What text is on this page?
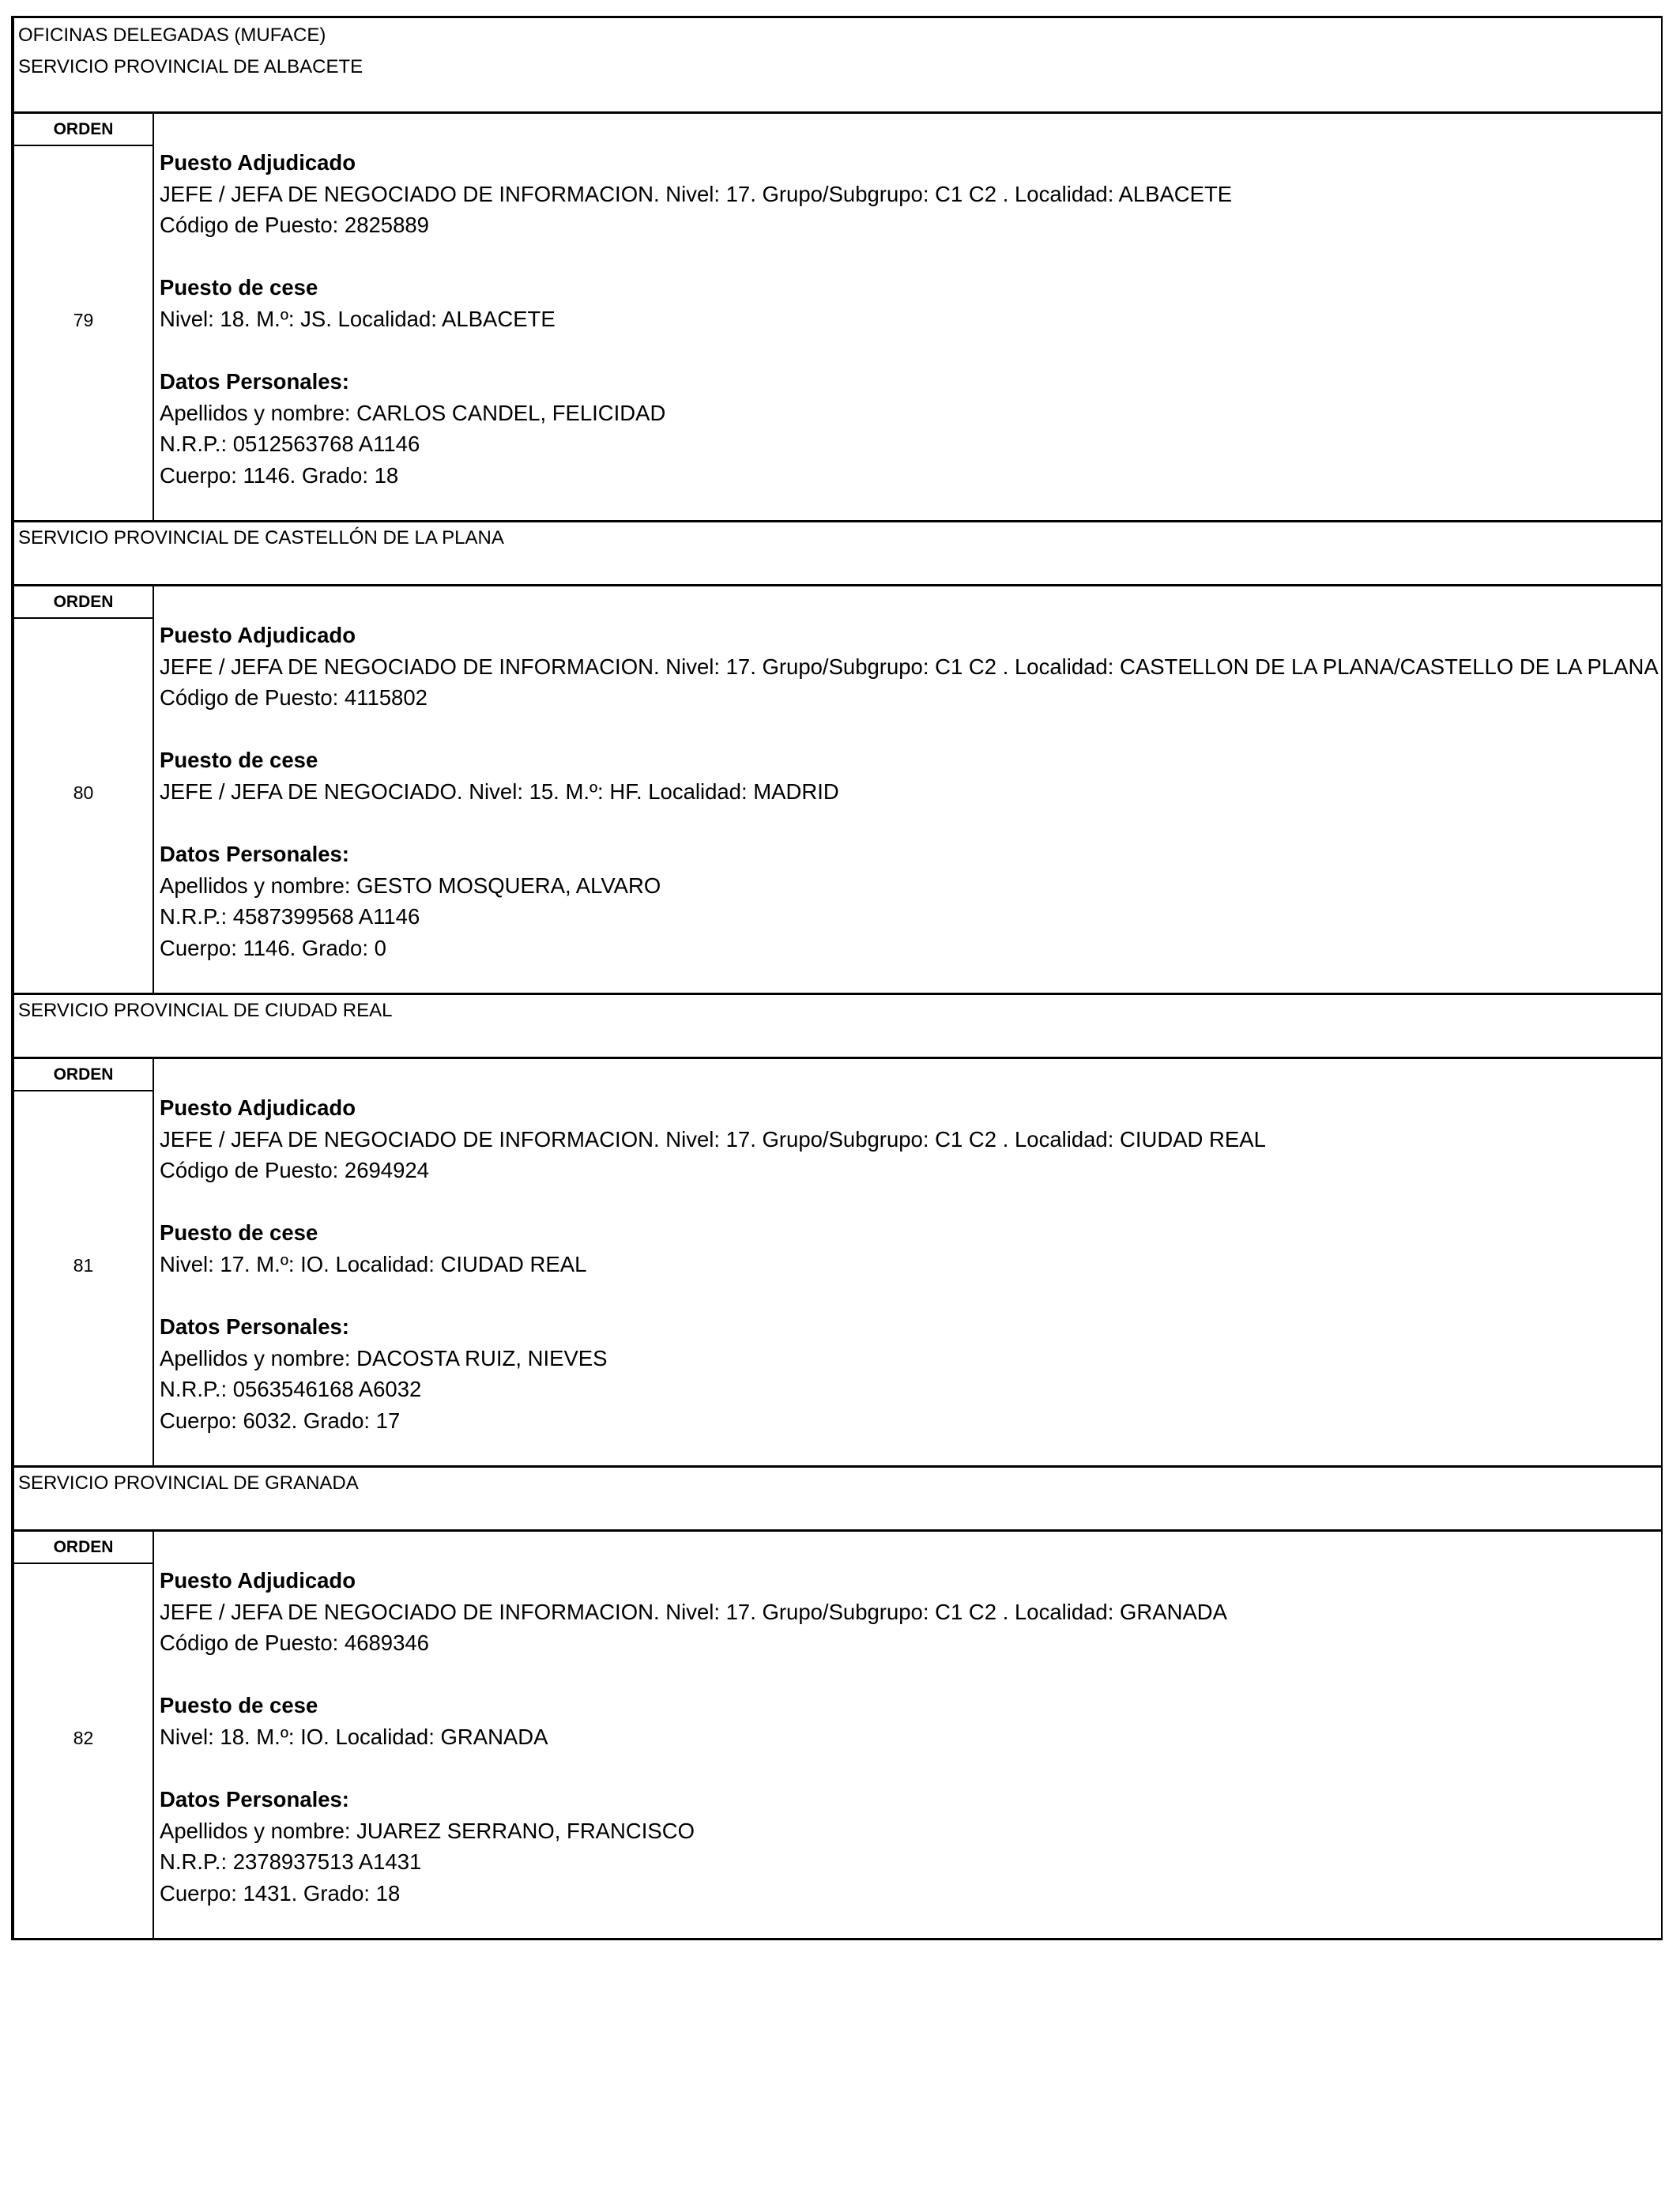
OFICINAS DELEGADAS (MUFACE)
SERVICIO PROVINCIAL DE ALBACETE
ORDEN
79
Puesto Adjudicado
JEFE / JEFA DE NEGOCIADO DE INFORMACION. Nivel: 17. Grupo/Subgrupo: C1 C2 . Localidad: ALBACETE
Código de Puesto: 2825889
Puesto de cese
Nivel: 18. M.º: JS. Localidad: ALBACETE
Datos Personales:
Apellidos y nombre: CARLOS CANDEL, FELICIDAD
N.R.P.: 0512563768 A1146
Cuerpo: 1146. Grado: 18
SERVICIO PROVINCIAL DE CASTELLÓN DE LA PLANA
ORDEN
80
Puesto Adjudicado
JEFE / JEFA DE NEGOCIADO DE INFORMACION. Nivel: 17. Grupo/Subgrupo: C1 C2 . Localidad: CASTELLON DE LA PLANA/CASTELLO DE LA PLANA
Código de Puesto: 4115802
Puesto de cese
JEFE / JEFA DE NEGOCIADO. Nivel: 15. M.º: HF. Localidad: MADRID
Datos Personales:
Apellidos y nombre: GESTO MOSQUERA, ALVARO
N.R.P.: 4587399568 A1146
Cuerpo: 1146. Grado: 0
SERVICIO PROVINCIAL DE CIUDAD REAL
ORDEN
81
Puesto Adjudicado
JEFE / JEFA DE NEGOCIADO DE INFORMACION. Nivel: 17. Grupo/Subgrupo: C1 C2 . Localidad: CIUDAD REAL
Código de Puesto: 2694924
Puesto de cese
Nivel: 17. M.º: IO. Localidad: CIUDAD REAL
Datos Personales:
Apellidos y nombre: DACOSTA RUIZ, NIEVES
N.R.P.: 0563546168 A6032
Cuerpo: 6032. Grado: 17
SERVICIO PROVINCIAL DE GRANADA
ORDEN
82
Puesto Adjudicado
JEFE / JEFA DE NEGOCIADO DE INFORMACION. Nivel: 17. Grupo/Subgrupo: C1 C2 . Localidad: GRANADA
Código de Puesto: 4689346
Puesto de cese
Nivel: 18. M.º: IO. Localidad: GRANADA
Datos Personales:
Apellidos y nombre: JUAREZ SERRANO, FRANCISCO
N.R.P.: 2378937513 A1431
Cuerpo: 1431. Grado: 18
